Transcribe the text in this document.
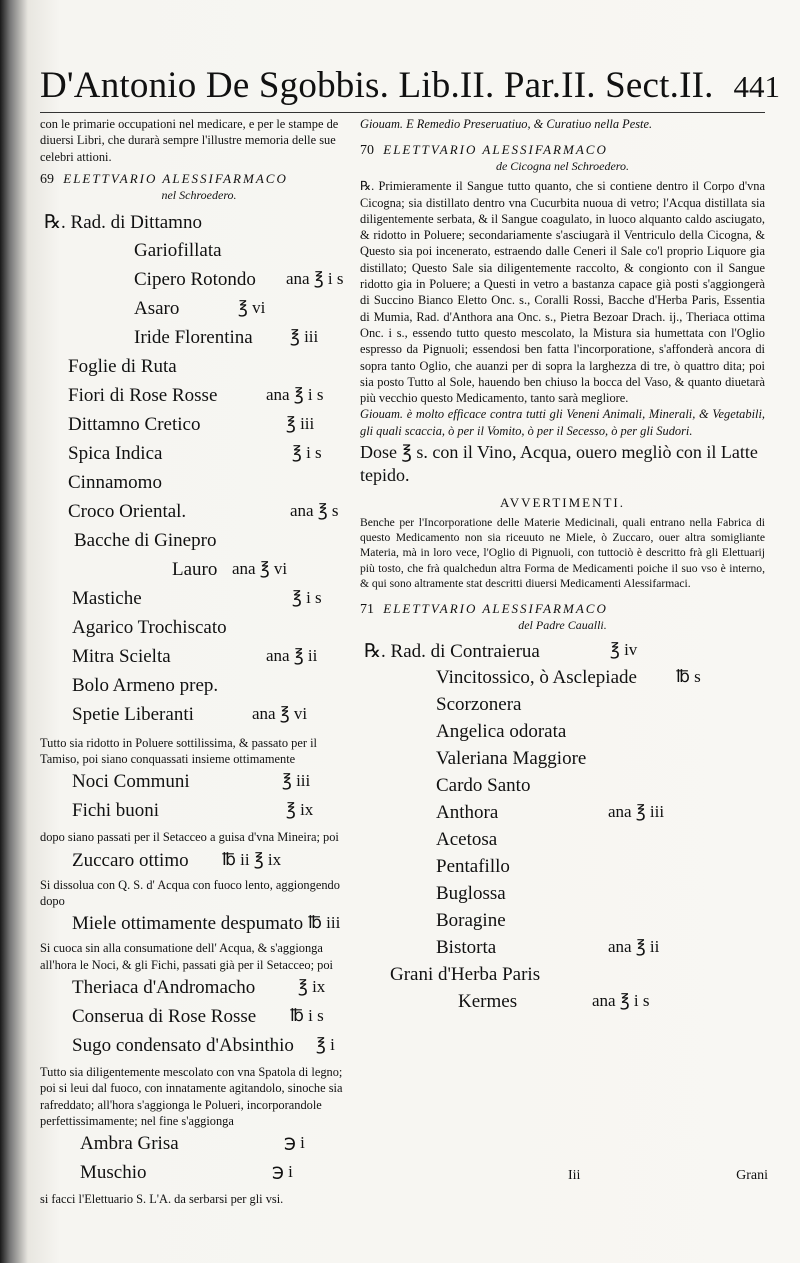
D'Antonio De Sgobbis. Lib.II. Par.II. Sect.II. 441

con le primarie occupationi nel medicare, e per le stampe de diuersi Libri, che durarà sempre l'illustre memoria delle sue celebri attioni.

69 ELETTVARIO ALESSIFARMACO

nel Schroedero.

℞. Rad. di Dittamno
Gariofillata
Cipero Rotondo ana ℥ i s
Asaro	℥ vi
Iride Florentina ℥ iii
Foglie di Ruta
Fiori di Rose Rosse	ana ℥ i s
Dittamno Cretico	℥ iii
Spica Indica	℥ i s
Cinnamomo
Croco Oriental.	ana ℥ s
Bacche di Ginepro
Lauro ana ℥ vi
Mastiche	℥ i s
Agarico Trochiscato
Mitra Scielta	ana ℥ ii
Bolo Armeno prep.
Spetie Liberanti	ana ℥ vi

Tutto sia ridotto in Poluere sottilissima, & passato per il Tamiso, poi siano conquassati insieme ottimamente

Noci Communi	℥ iii
Fichi buoni	℥ ix

dopo siano passati per il Setacceo a guisa d'vna Mineira; poi

Zuccaro ottimo ℔ ii ℥ ix

Si dissolua con Q. S. d' Acqua con fuoco lento, aggiongendo dopo

Miele ottimamente despumato ℔ iii

Si cuoca sin alla consumatione dell' Acqua, & s'aggionga all'hora le Noci, & gli Fichi, passati già per il Setacceo; poi

Theriaca d'Andromacho	℥ ix
Conserua di Rose Rosse ℔ i s
Sugo condensato d'Absinthio ℥ i

Tutto sia diligentemente mescolato con vna Spatola di legno; poi si leui dal fuoco, con innatamente agitandolo, sinoche sia rafreddato; all'hora s'aggionga le Polueri, incorporandole perfettissimamente; nel fine s'aggionga

Ambra Grisa	℈ i
Muschio	℈ i

si facci l'Elettuario S. L'A. da serbarsi per gli vsi.

Giouam. E Remedio Preseruatiuo, & Curatiuo nella Peste.

70 ELETTVARIO ALESSIFARMACO

de Cicogna nel Schroedero.

℞. Primieramente il Sangue tutto quanto, che si contiene dentro il Corpo d'vna Cicogna; sia distillato dentro vna Cucurbita nuoua di vetro; l'Acqua distillata sia diligentemente serbata, & il Sangue coagulato, in luoco alquanto caldo asciugato, & ridotto in Poluere; secondariamente s'asciugarà il Ventriculo della Cicogna, & Questo sia poi incenerato, estraendo dalle Ceneri il Sale co'l proprio Liquore gia distillato; Questo Sale sia diligentemente raccolto, & congionto con il Sangue ridotto gia in Poluere; a Questi in vetro a bastanza capace già posti s'aggiongerà di Succino Bianco Eletto Onc. s., Coralli Rossi, Bacche d'Herba Paris, Essentia di Mumia, Rad. d'Anthora ana Onc. s., Pietra Bezoar Drach. ij., Theriaca ottima Onc. i s., essendo tutto questo mescolato, la Mistura sia humettata con l'Oglio espresso da Pignuoli; essendosi ben fatta l'incorporatione, s'affonderà ancora di sopra tanto Oglio, che auanzi per di sopra la larghezza di tre, ò quattro dita; poi sia posto Tutto al Sole, hauendo ben chiuso la bocca del Vaso, & quanto diuetarà più vecchio questo Medicamento, tanto sarà megliore.

Giouam. è molto efficace contra tutti gli Veneni Animali, Minerali, & Vegetabili, gli quali scaccia, ò per il Vomito, ò per il Secesso, ò per gli Sudori.

Dose ℥ s. con il Vino, Acqua, ouero megliò con il Latte tepido.

AVVERTIMENTI.

Benche per l'Incorporatione delle Materie Medicinali, quali entrano nella Fabrica di questo Medicamento non sia riceuuto ne Miele, ò Zuccaro, ouer altra somigliante Materia, mà in loro vece, l'Oglio di Pignuoli, con tuttociò è descritto frà gli Elettuarij più tosto, che frà qualchedun altra Forma de Medicamenti poiche il suo vso è interno, & qui sono altramente stat descritti diuersi Medicamenti Alessifarmaci.

71 ELETTVARIO ALESSIFARMACO

del Padre Caualli.

℞. Rad. di Contraierua	℥ iv
Vincitossico, ò Asclepiade ℔ s
Scorzonera
Angelica odorata
Valeriana Maggiore
Cardo Santo
Anthora	ana ℥ iii
Acetosa
Pentafillo
Buglossa
Boragine
Bistorta	ana ℥ ii
Grani d'Herba Paris
Kermes	ana ℥ i s
Iii	Grani
